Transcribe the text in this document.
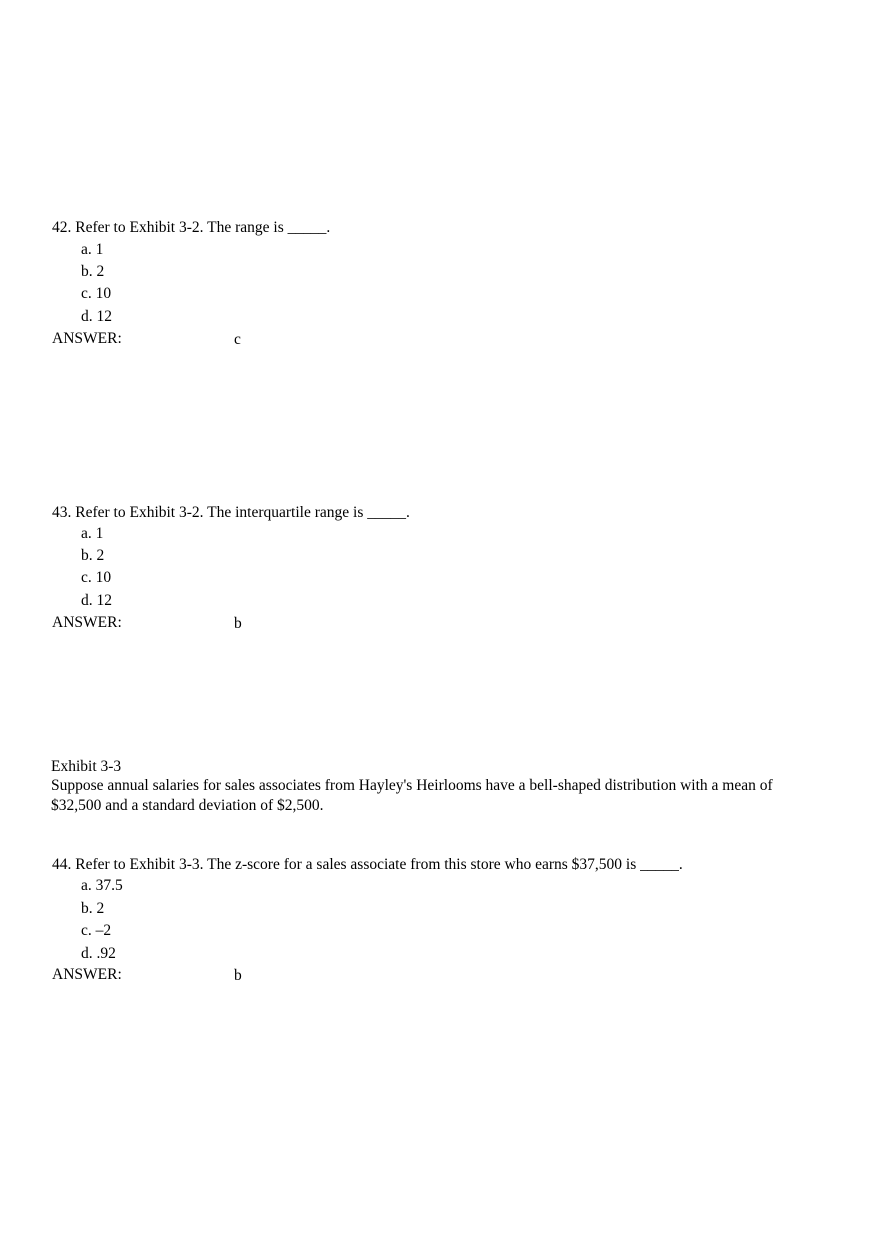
42. Refer to Exhibit 3-2. The range is _____.
a. 1
b. 2
c. 10
d. 12
ANSWER:	c
43. Refer to Exhibit 3-2. The interquartile range is _____.
a. 1
b. 2
c. 10
d. 12
ANSWER:	b
Exhibit 3-3
Suppose annual salaries for sales associates from Hayley's Heirlooms have a bell-shaped distribution with a mean of
$32,500 and a standard deviation of $2,500.
44. Refer to Exhibit 3-3. The z-score for a sales associate from this store who earns $37,500 is _____.
a. 37.5
b. 2
c. –2
d. .92
ANSWER:	b
